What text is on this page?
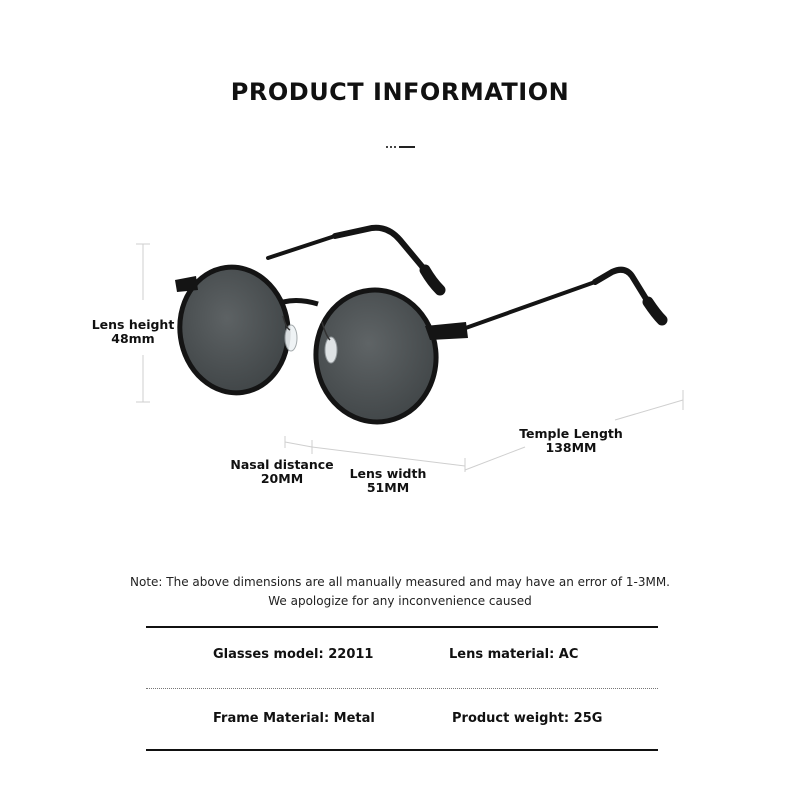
PRODUCT INFORMATION
Lens height
48mm
Nasal distance
20MM	Lens width
51MM
Temple Length
138MM
Note: The above dimensions are all manually measured and may have an error of 1-3MM.
We apologize for any inconvenience caused
Glasses model: 22011	Lens material: AC
Frame Material: Metal	Product weight: 25G
